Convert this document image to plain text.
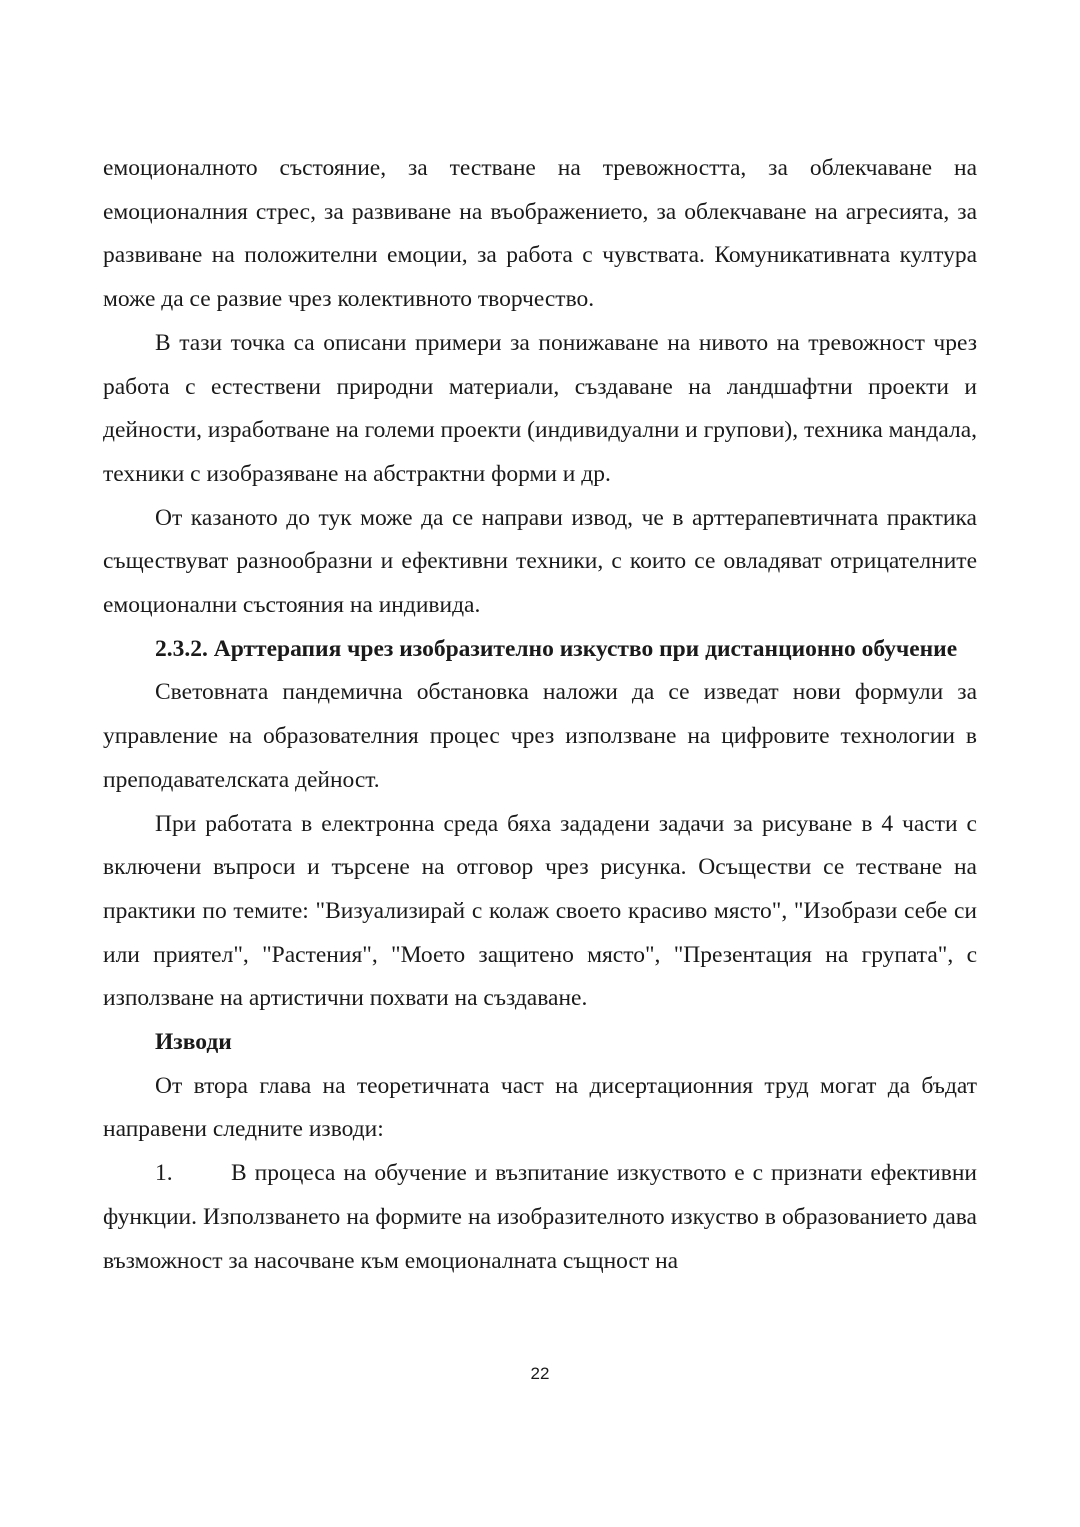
емоционалното състояние, за тестване на тревожността, за облекчаване на емоционалния стрес, за развиване на въображението, за облекчаване на агресията, за развиване на положителни емоции, за работа с чувствата. Комуникативната култура може да се развие чрез колективното творчество.

В тази точка са описани примери за понижаване на нивото на тревожност чрез работа с естествени природни материали, създаване на ландшафтни проекти и дейности, изработване на големи проекти (индивидуални и групови), техника мандала, техники с изобразяване на абстрактни форми и др.

От казаното до тук може да се направи извод, че в арттерапевтичната практика съществуват разнообразни и ефективни техники, с които се овладяват отрицателните емоционални състояния на индивида.

2.3.2. Арттерапия чрез изобразително изкуство при дистанционно обучение

Световната пандемична обстановка наложи да се изведат нови формули за управление на образователния процес чрез използване на цифровите технологии в преподавателската дейност.

При работата в електронна среда бяха зададени задачи за рисуване в 4 части с включени въпроси и търсене на отговор чрез рисунка. Осъществи се тестване на практики по темите: "Визуализирай с колаж своето красиво място", "Изобрази себе си или приятел", "Растения", "Моето защитено място", "Презентация на групата", с използване на артистични похвати на създаване.

Изводи

От втора глава на теоретичната част на дисертационния труд могат да бъдат направени следните изводи:

1. В процеса на обучение и възпитание изкуството е с признати ефективни функции. Използването на формите на изобразителното изкуство в образованието дава възможност за насочване към емоционалната същност на

22
